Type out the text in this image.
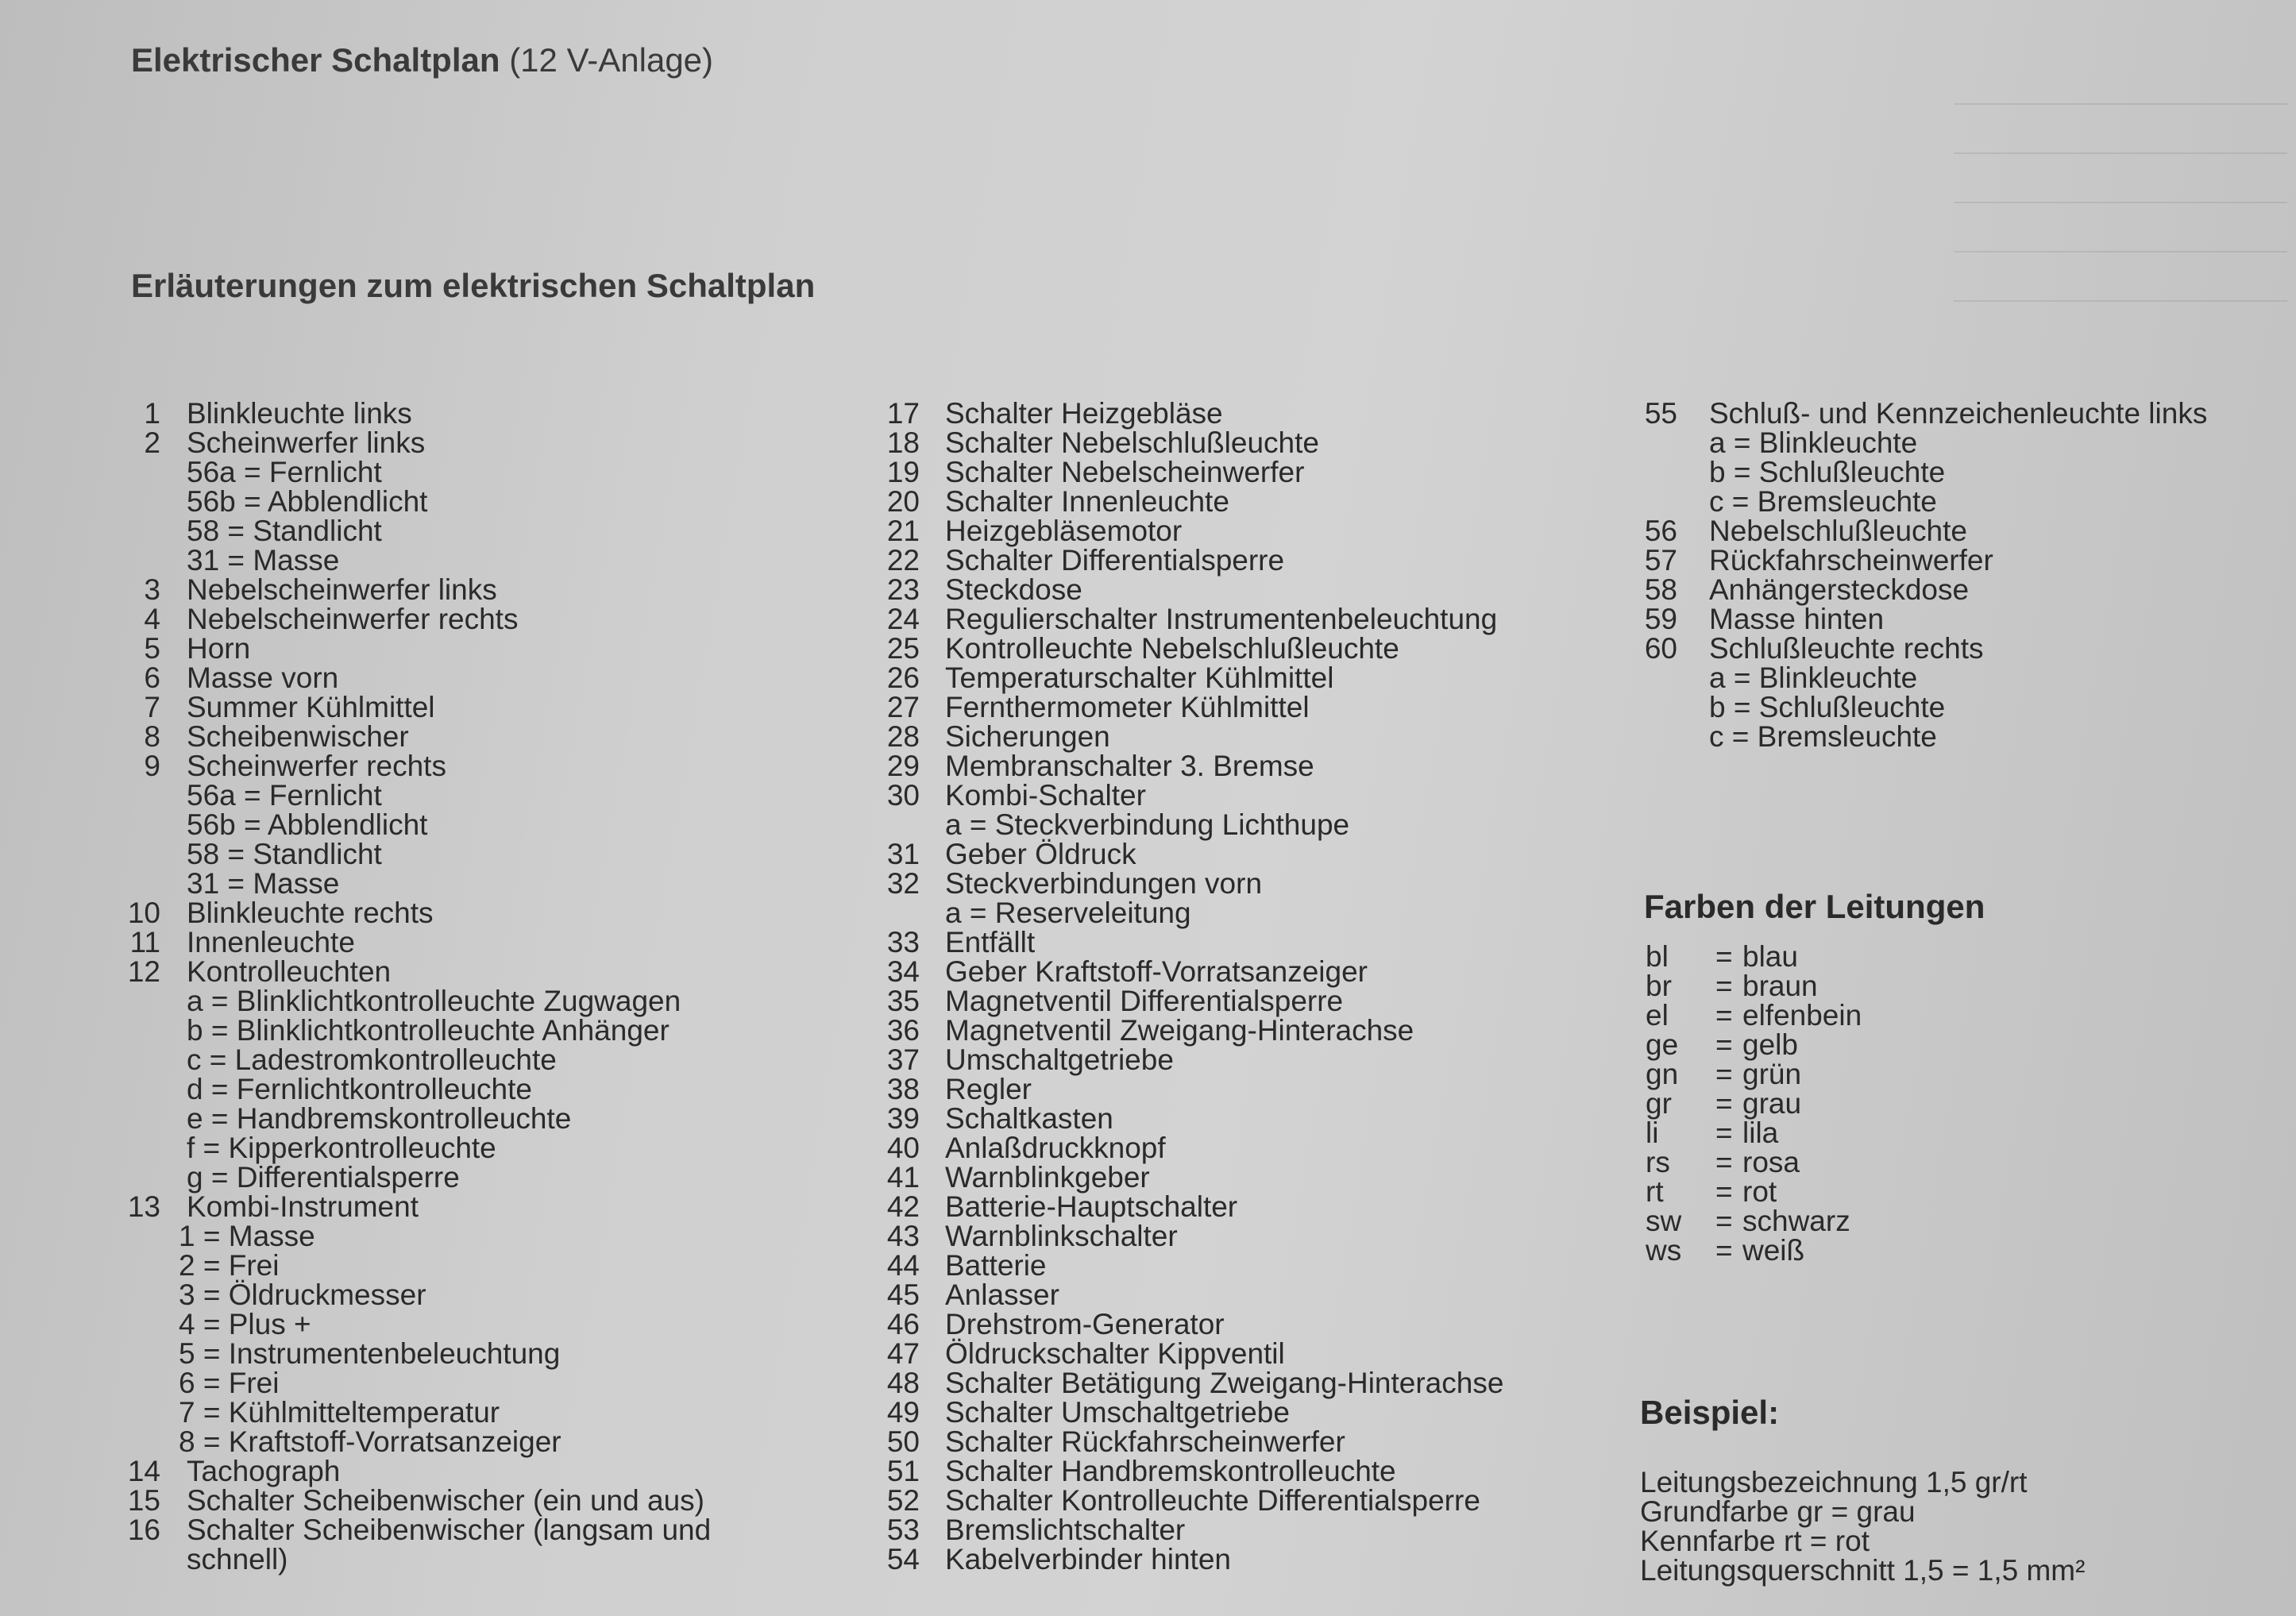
Elektrischer Schaltplan (12 V-Anlage)
Erläuterungen zum elektrischen Schaltplan
1 Blinkleuchte links
2 Scheinwerfer links
56a = Fernlicht
56b = Abblendlicht
58 = Standlicht
31 = Masse
3 Nebelscheinwerfer links
4 Nebelscheinwerfer rechts
5 Horn
6 Masse vorn
7 Summer Kühlmittel
8 Scheibenwischer
9 Scheinwerfer rechts
56a = Fernlicht
56b = Abblendlicht
58 = Standlicht
31 = Masse
10 Blinkleuchte rechts
11 Innenleuchte
12 Kontrolleuchten
a = Blinklichtkontrolleuchte Zugwagen
b = Blinklichtkontrolleuchte Anhänger
c = Ladestromkontrolleuchte
d = Fernlichtkontrolleuchte
e = Handbremskontrolleuchte
f = Kipperkontrolleuchte
g = Differentialsperre
13 Kombi-Instrument
1 = Masse
2 = Frei
3 = Öldruckmesser
4 = Plus +
5 = Instrumentenbeleuchtung
6 = Frei
7 = Kühlmitteltemperatur
8 = Kraftstoff-Vorratsanzeiger
14 Tachograph
15 Schalter Scheibenwischer (ein und aus)
16 Schalter Scheibenwischer (langsam und
schnell)
17 Schalter Heizgebläse
18 Schalter Nebelschlußleuchte
19 Schalter Nebelscheinwerfer
20 Schalter Innenleuchte
21 Heizgebläsemotor
22 Schalter Differentialsperre
23 Steckdose
24 Regulierschalter Instrumentenbeleuchtung
25 Kontrolleuchte Nebelschlußleuchte
26 Temperaturschalter Kühlmittel
27 Fernthermometer Kühlmittel
28 Sicherungen
29 Membranschalter 3. Bremse
30 Kombi-Schalter
a = Steckverbindung Lichthupe
31 Geber Öldruck
32 Steckverbindungen vorn
a = Reserveleitung
33 Entfällt
34 Geber Kraftstoff-Vorratsanzeiger
35 Magnetventil Differentialsperre
36 Magnetventil Zweigang-Hinterachse
37 Umschaltgetriebe
38 Regler
39 Schaltkasten
40 Anlaßdruckknopf
41 Warnblinkgeber
42 Batterie-Hauptschalter
43 Warnblinkschalter
44 Batterie
45 Anlasser
46 Drehstrom-Generator
47 Öldruckschalter Kippventil
48 Schalter Betätigung Zweigang-Hinterachse
49 Schalter Umschaltgetriebe
50 Schalter Rückfahrscheinwerfer
51 Schalter Handbremskontrolleuchte
52 Schalter Kontrolleuchte Differentialsperre
53 Bremslichtschalter
54 Kabelverbinder hinten
55 Schluß- und Kennzeichenleuchte links
a = Blinkleuchte
b = Schlußleuchte
c = Bremsleuchte
56 Nebelschlußleuchte
57 Rückfahrscheinwerfer
58 Anhängersteckdose
59 Masse hinten
60 Schlußleuchte rechts
a = Blinkleuchte
b = Schlußleuchte
c = Bremsleuchte
Farben der Leitungen
bl	= blau
br	= braun
el	= elfenbein
ge	= gelb
gn	= grün
gr	= grau
li	= lila
rs	= rosa
rt	= rot
sw	= schwarz
ws	= weiß
Beispiel:
Leitungsbezeichnung 1,5 gr/rt
Grundfarbe gr = grau
Kennfarbe rt = rot
Leitungsquerschnitt 1,5 = 1,5 mm²
